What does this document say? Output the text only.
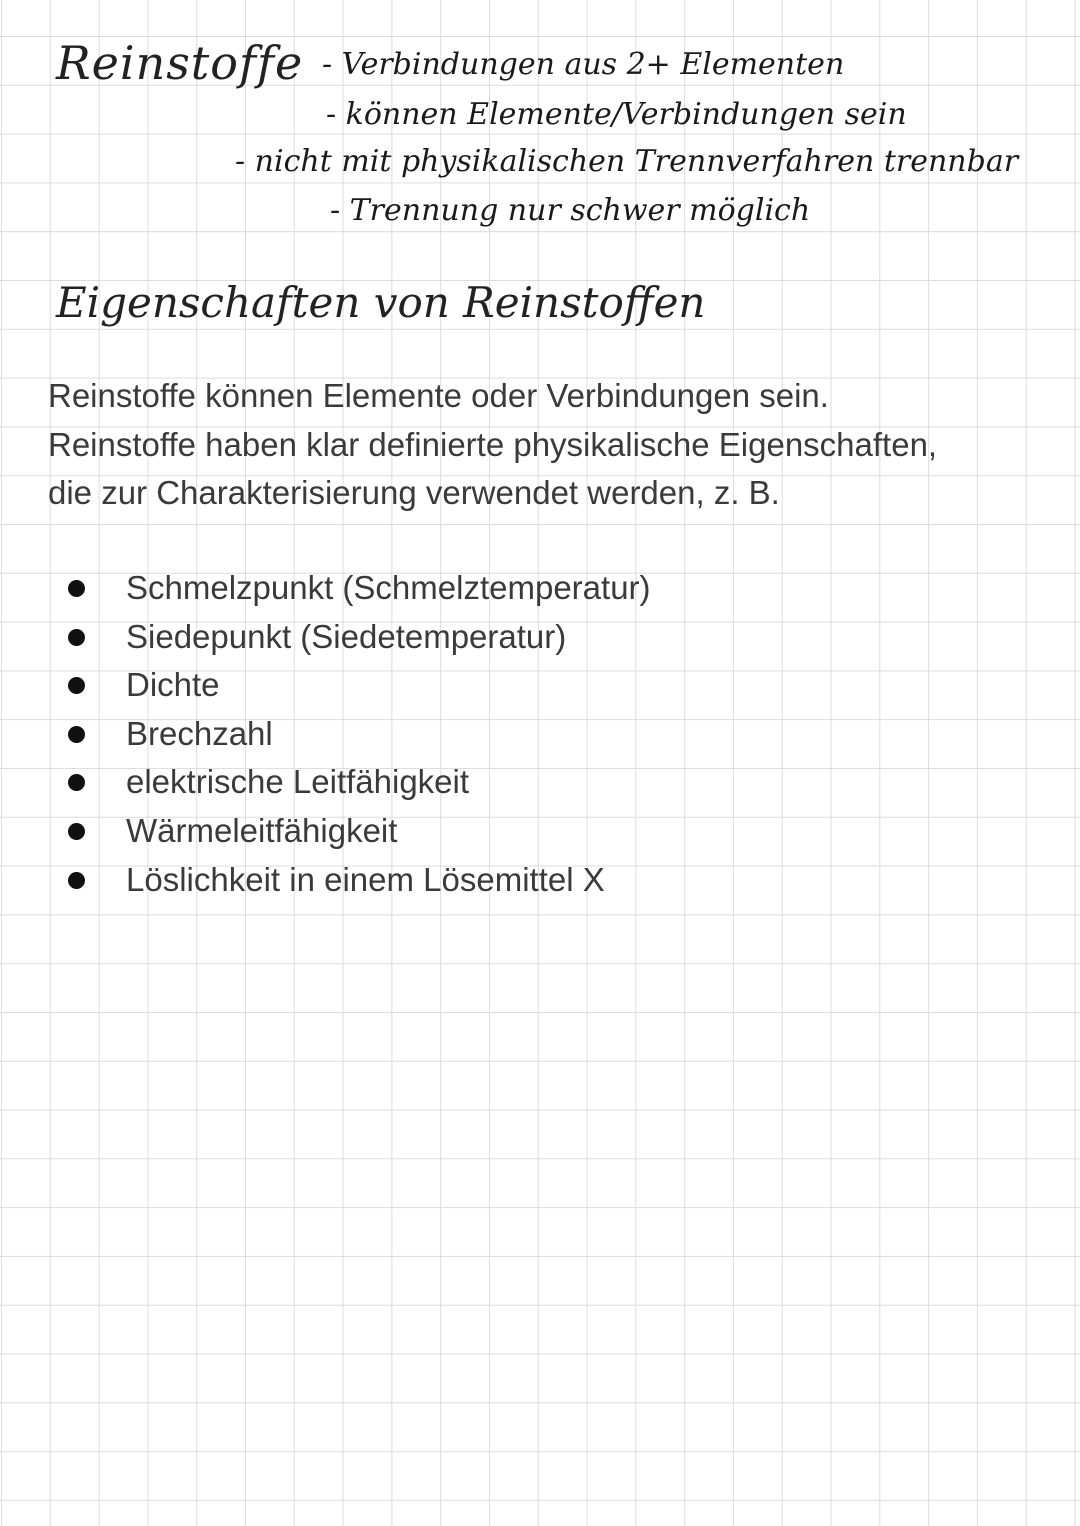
Reinstoffe - Verbindungen aus 2+ Elementen
- können Elemente/Verbindungen sein
- nicht mit physikalischen Trennverfahren trennbar
- Trennung nur schwer möglich
Eigenschaften von Reinstoffen
Reinstoffe können Elemente oder Verbindungen sein.
Reinstoffe haben klar definierte physikalische Eigenschaften,
die zur Charakterisierung verwendet werden, z. B.
Schmelzpunkt (Schmelztemperatur)
Siedepunkt (Siedetemperatur)
Dichte
Brechzahl
elektrische Leitfähigkeit
Wärmeleitfähigkeit
Löslichkeit in einem Lösemittel X
